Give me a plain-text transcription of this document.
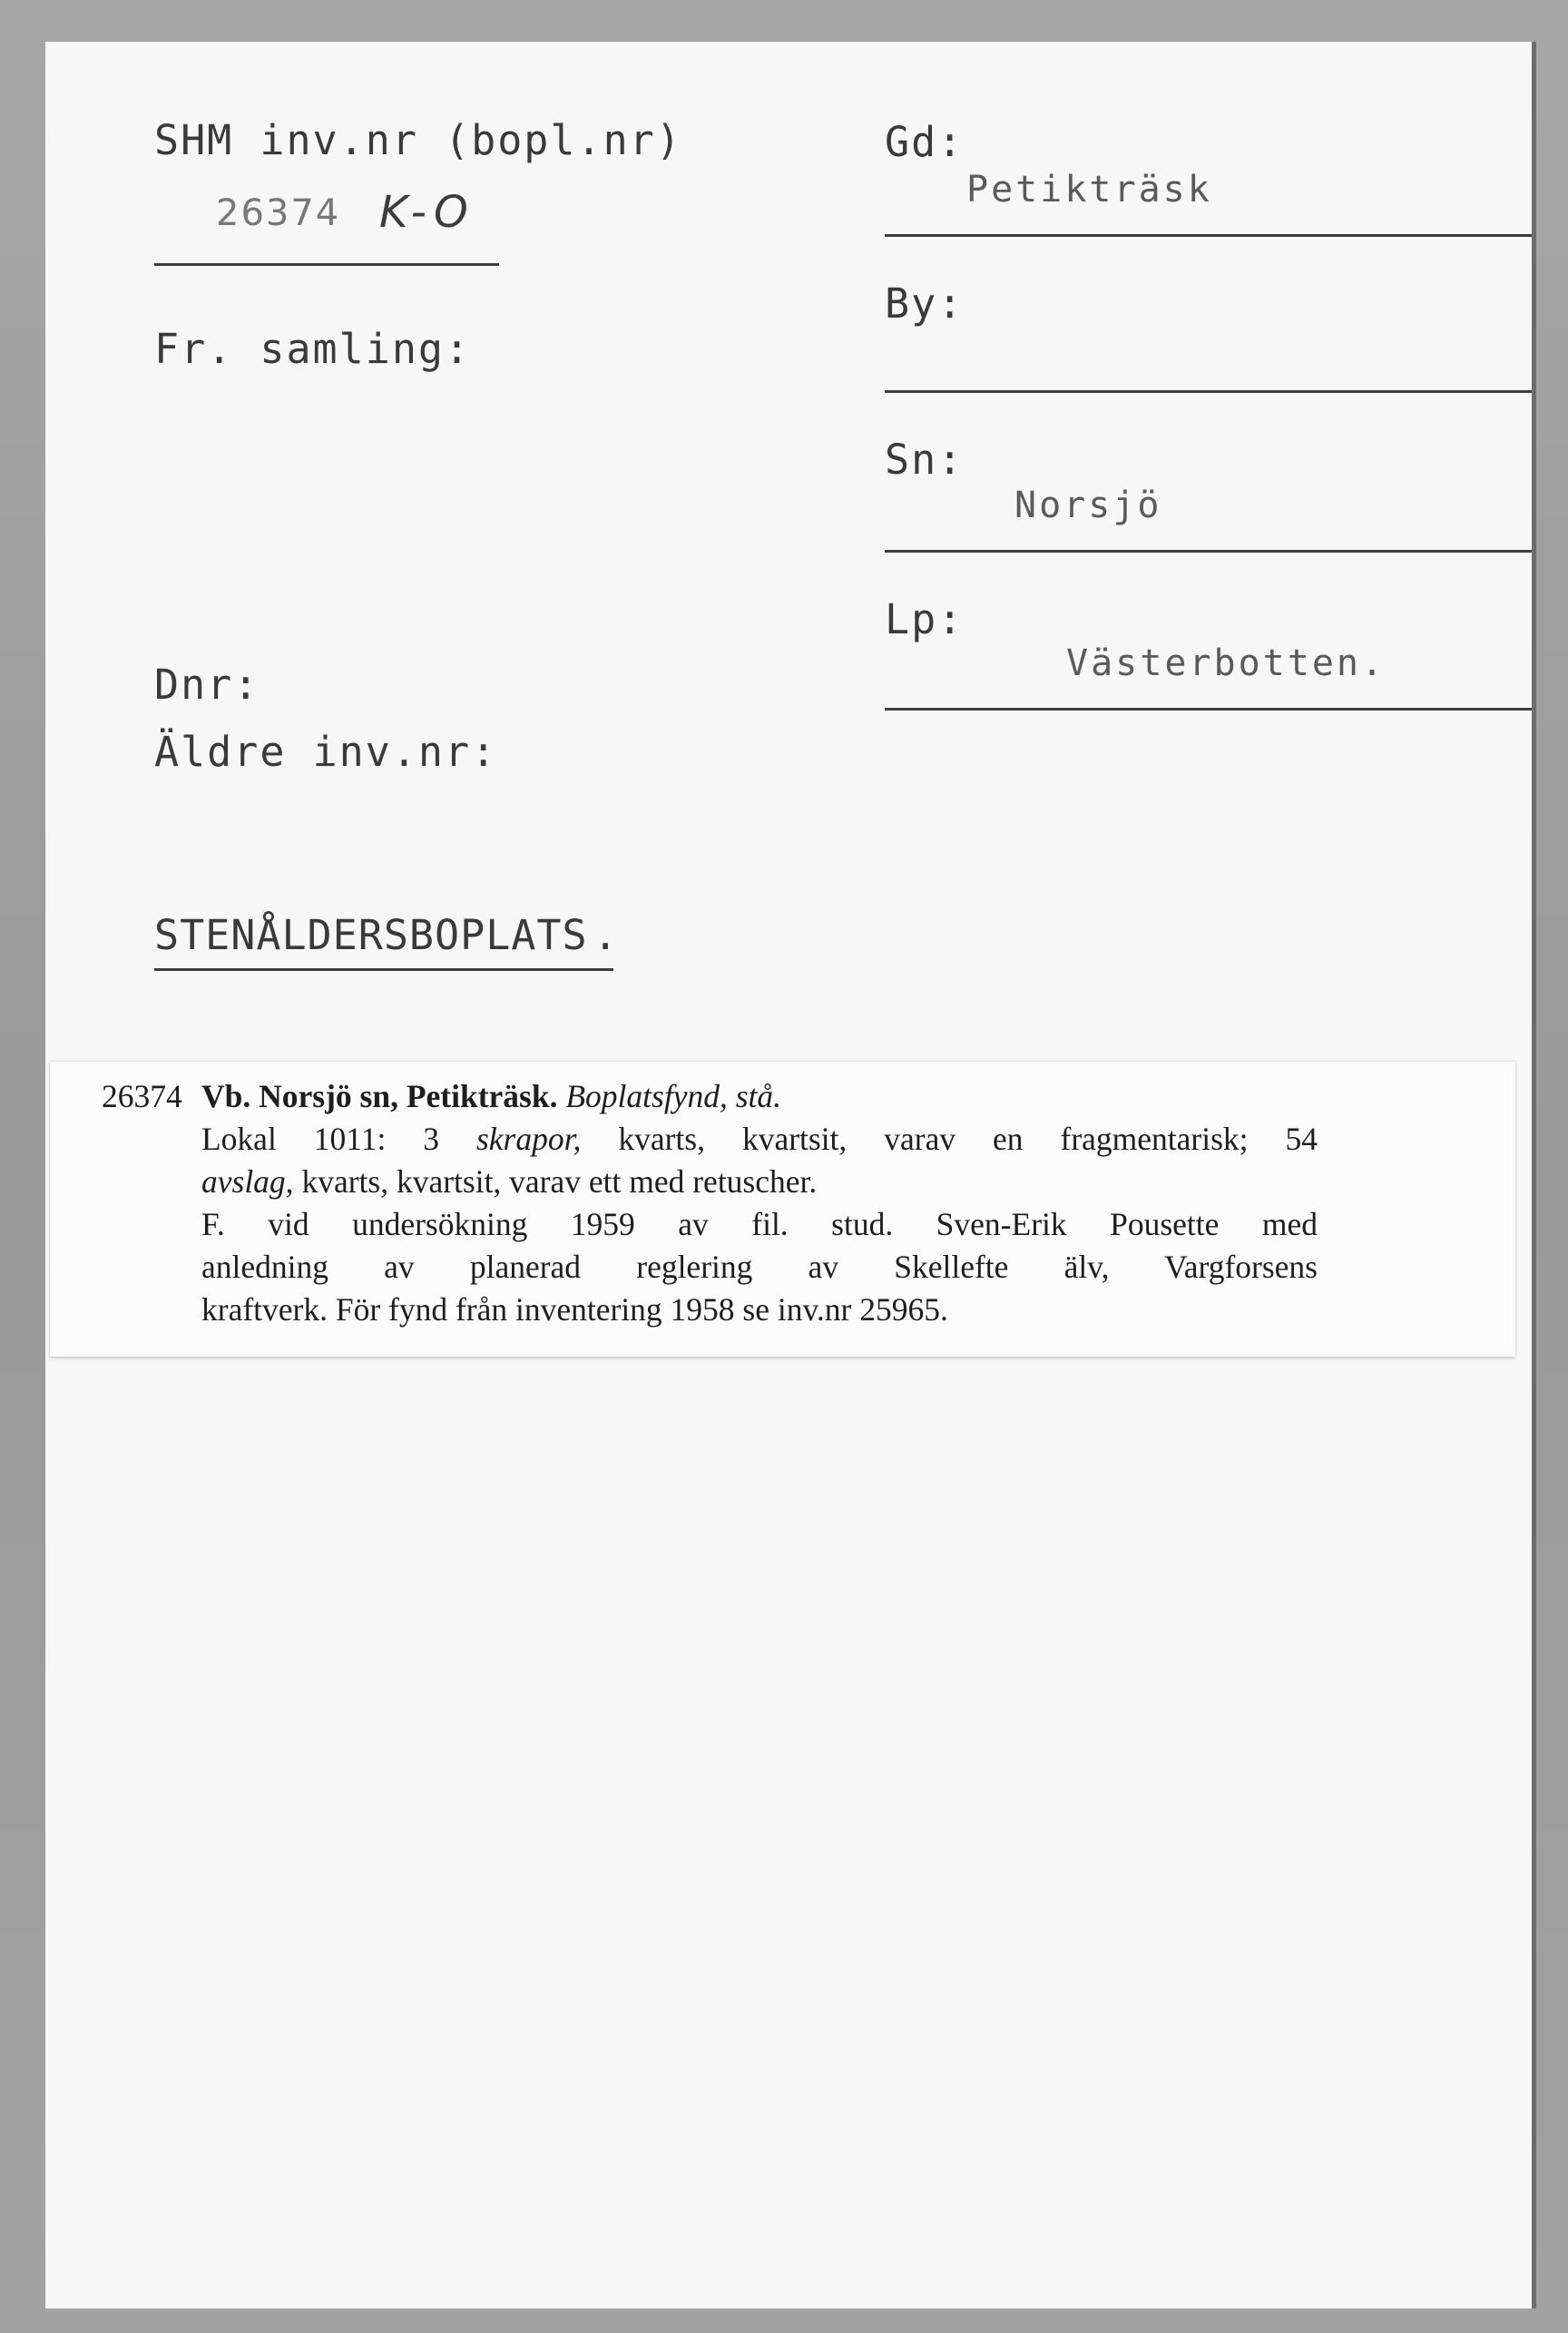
SHM inv.nr (bopl.nr)
26374 K-O
Fr. samling:
Dnr:
Äldre inv.nr:
STENÅLDERSBOPLATS .
Gd:
Petikträsk
By:
Sn:
Norsjö
Lp:
Västerbotten.
26374 Vb. Norsjö sn, Petikträsk. Boplatsfynd, stå.
Lokal 1011: 3 skrapor, kvarts, kvartsit, varav en fragmentarisk; 54
avslag, kvarts, kvartsit, varav ett med retuscher.
F. vid undersökning 1959 av fil. stud. Sven-Erik Pousette med
anledning av planerad reglering av Skellefte älv, Vargforsens
kraftverk. För fynd från inventering 1958 se inv.nr 25965.
